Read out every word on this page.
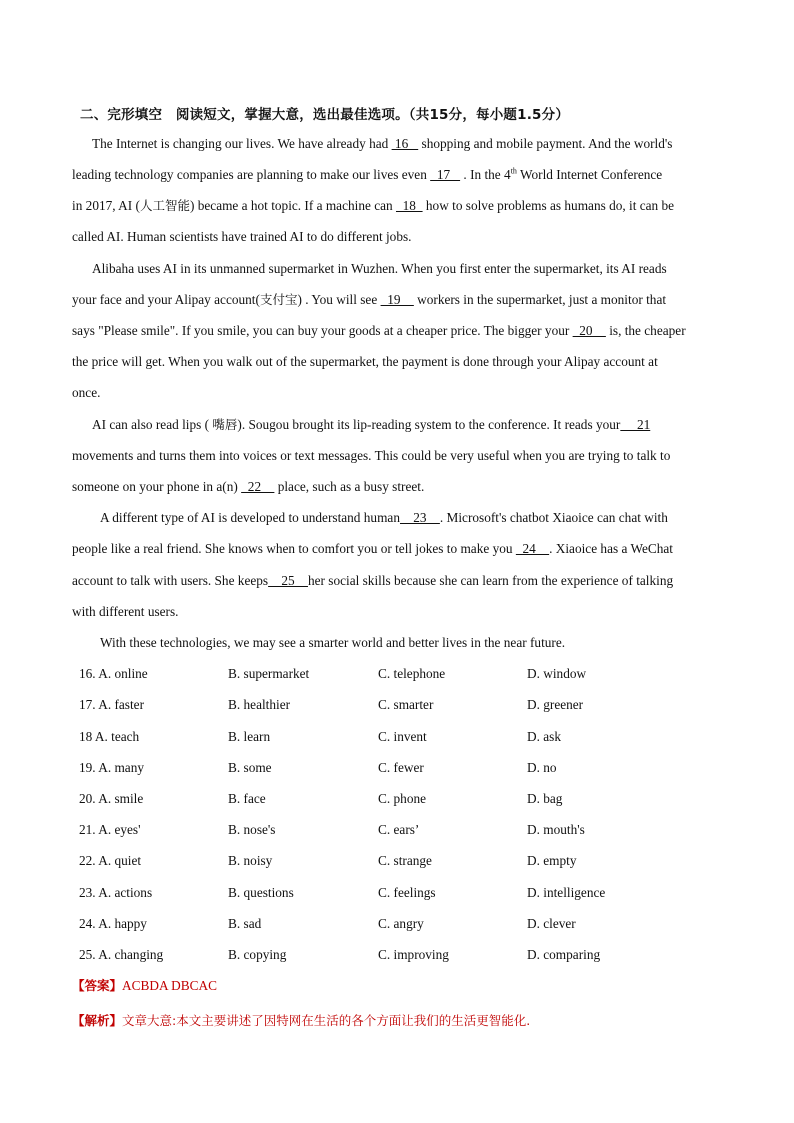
二、完形填空　阅读短文，掌握大意，选出最佳选项。（共15分，每小题1.5分）
The Internet is changing our lives. We have already had  16    shopping and mobile payment. And the world's
leading technology companies are planning to make our lives even   17    . In the 4th World Internet Conference
in 2017, AI (人工智能) became a hot topic. If a machine can   18   how to solve problems as humans do, it can be
called AI. Human scientists have trained AI to do different jobs.
Alibaha uses AI in its unmanned supermarket in Wuzhen. When you first enter the supermarket, its AI reads
your face and your Alipay account(支付宝) . You will see   19     workers in the supermarket, just a monitor that
says "Please smile". If you smile, you can buy your goods at a cheaper price. The bigger your   20     is, the cheaper
the price will get. When you walk out of the supermarket, the payment is done through your Alipay account at
once.
AI can also read lips ( 嘴唇). Sougou brought its lip-reading system to the conference. It reads your     21
movements and turns them into voices or text messages. This could be very useful when you are trying to talk to
someone on your phone in a(n)   22     place, such as a busy street.
A different type of AI is developed to understand human    23    . Microsoft's chatbot Xiaoice can chat with
people like a real friend. She knows when to comfort you or tell jokes to make you   24    . Xiaoice has a WeChat
account to talk with users. She keeps    25    her social skills because she can learn from the experience of talking
with different users.
With these technologies, we may see a smarter world and better lives in the near future.
16. A. online	B. supermarket	C. telephone	D. window
17. A. faster	B. healthier	C. smarter	D. greener
18 A. teach	B. learn	C. invent	D. ask
19. A. many	B. some	C. fewer	D. no
20. A. smile	B. face	C. phone	D. bag
21. A. eyes'	B. nose's	C. ears’	D. mouth's
22. A. quiet	B. noisy	C. strange	D. empty
23. A. actions	B. questions	C. feelings	D. intelligence
24. A. happy	B. sad	C. angry	D. clever
25. A. changing	B. copying	C. improving	D. comparing
【答案】ACBDA DBCAC
【解析】文章大意:本文主要讲述了因特网在生活的各个方面让我们的生活更智能化.
